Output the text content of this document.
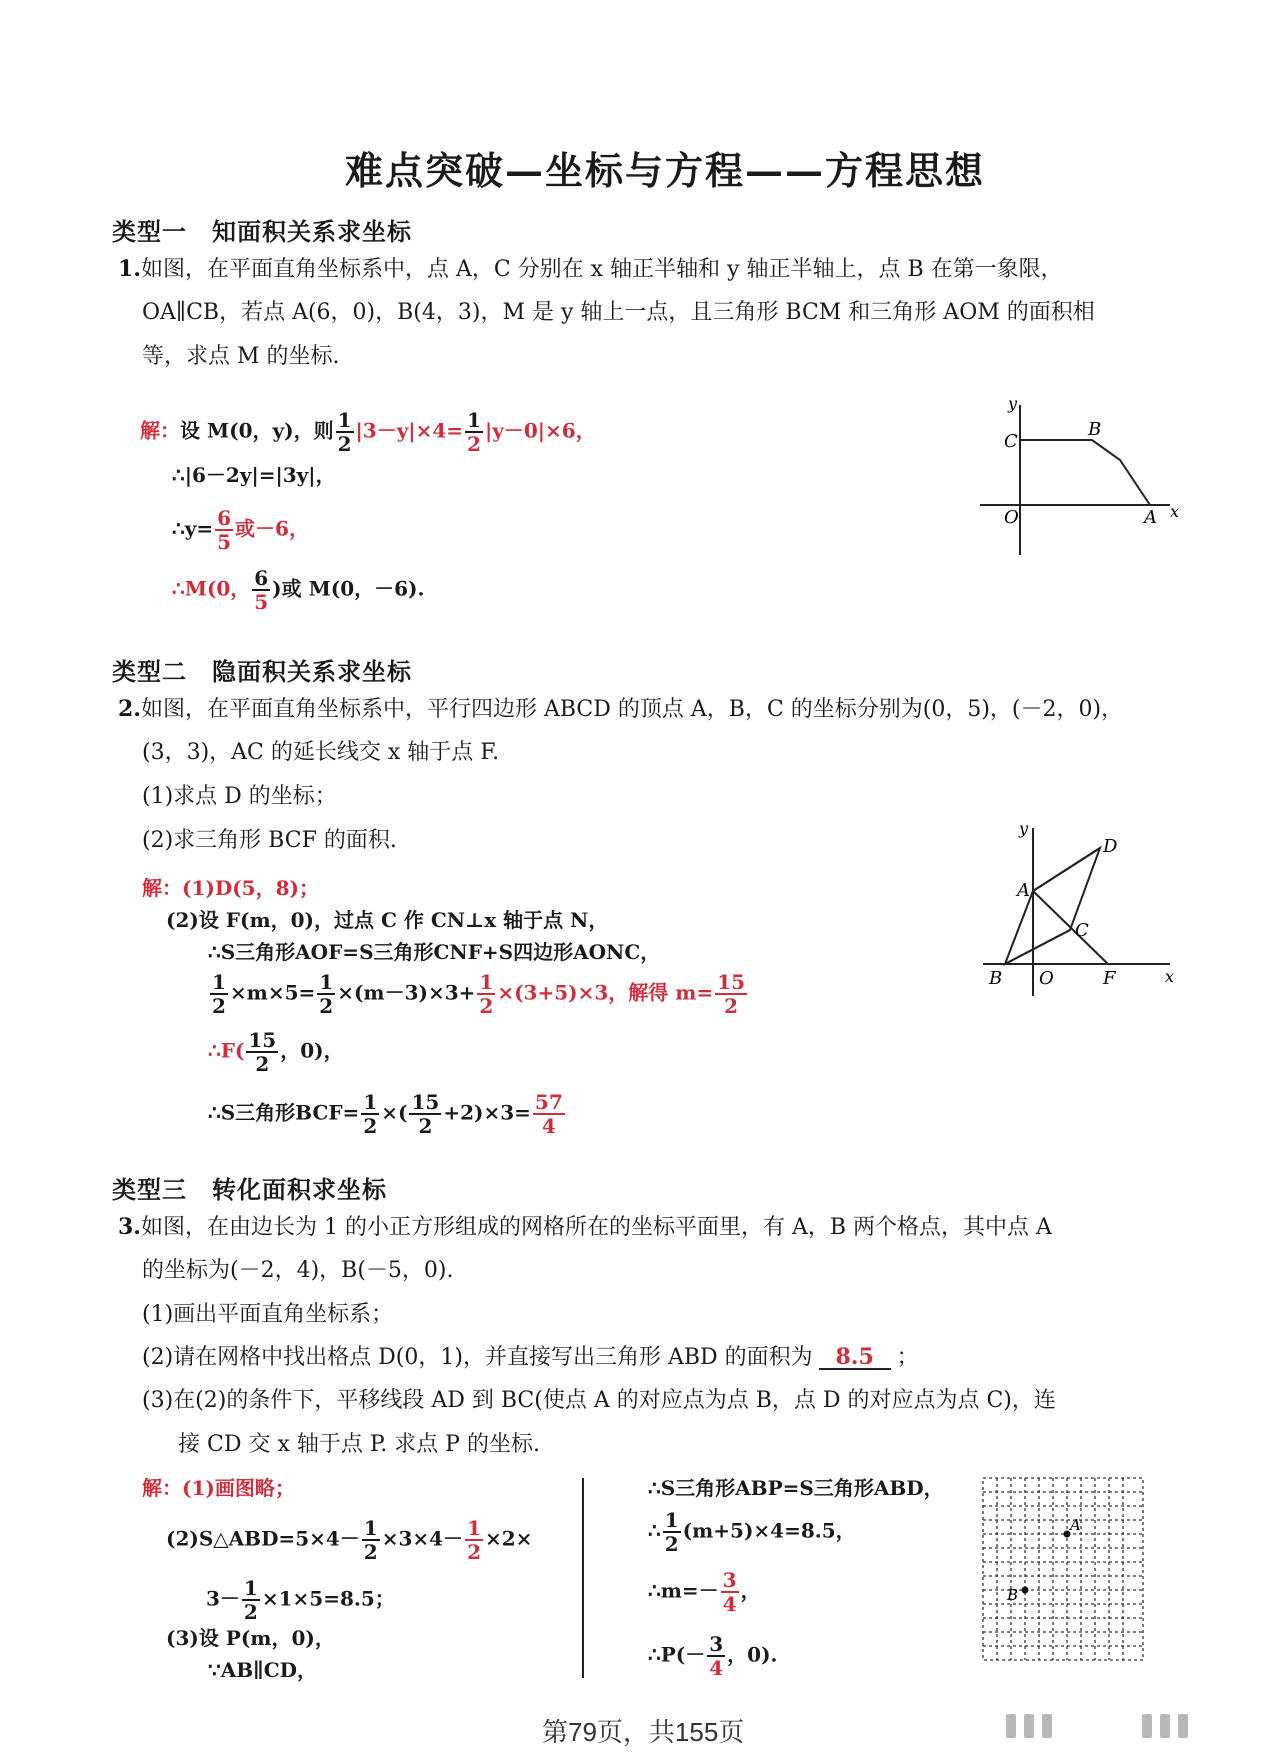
难点突破—坐标与方程——方程思想
类型一　知面积关系求坐标
1.如图，在平面直角坐标系中，点 A，C 分别在 x 轴正半轴和 y 轴正半轴上，点 B 在第一象限，
OA∥CB，若点 A(6，0)，B(4，3)，M 是 y 轴上一点，且三角形 BCM 和三角形 AOM 的面积相
等，求点 M 的坐标.
解：设 M(0，y)，则 $\frac{1}{2} |3-y|\times 4= \frac{1}{2} |y-0|\times 6$，
∴|6－2y|=|3y|，
∴y= $\frac{6}{5}$ 或－6，
∴M(0， $\frac{6}{5}$ )或 M(0，－6).
y
x
C
B
O	A
类型二　隐面积关系求坐标
2.如图，在平面直角坐标系中，平行四边形 ABCD 的顶点 A，B，C 的坐标分别为(0，5)，(－2，0)，
(3，3)，AC 的延长线交 x 轴于点 F.
(1)求点 D 的坐标；
(2)求三角形 BCF 的面积.
解：(1)D(5，8)；
(2)设 F(m，0)，过点 C 作 CN⊥x 轴于点 N，
∴S三角形AOF=S三角形CNF+S四边形AONC，
$\frac{1}{2} \times m\times 5= \frac{1}{2} \times(m-3)\times 3+ \frac{1}{2} \times(3+5)\times 3$，解得 $m= \frac{15}{2}$
∴F( $\frac{15}{2}$ ，0)，
∴S三角形$BCF= \frac{1}{2}$ ×( $\frac{15}{2} +2)\times 3= \frac{57}{4}$
y
x
A
B
C
D
O	F
类型三　转化面积求坐标
3.如图，在由边长为 1 的小正方形组成的网格所在的坐标平面里，有 A，B 两个格点，其中点 A
的坐标为(－2，4)，B(－5，0).
(1)画出平面直角坐标系；
(2)请在网格中找出格点 D(0，1)，并直接写出三角形 ABD 的面积为 8.5 ；
(3)在(2)的条件下，平移线段 AD 到 BC(使点 A 的对应点为点 B，点 D 的对应点为点 C)，连
接 CD 交 x 轴于点 P. 求点 P 的坐标.
解：(1)画图略；
(2)S△ABD=5×4－ $\frac{1}{2} \times 3\times 4- \frac{1}{2} \times 2\times$
$3- \frac{1}{2} \times 1\times 5=8.5$；
(3)设 P(m，0)，
∵AB∥CD，
∴S三角形ABP=S三角形ABD，
∴ $\frac{1}{2} (m+5)\times 4=8.5$，
∴m=－ $\frac{3}{4}$ ，
∴P(－ $\frac{3}{4}$ ，0).
A
B
第79页，共155页
